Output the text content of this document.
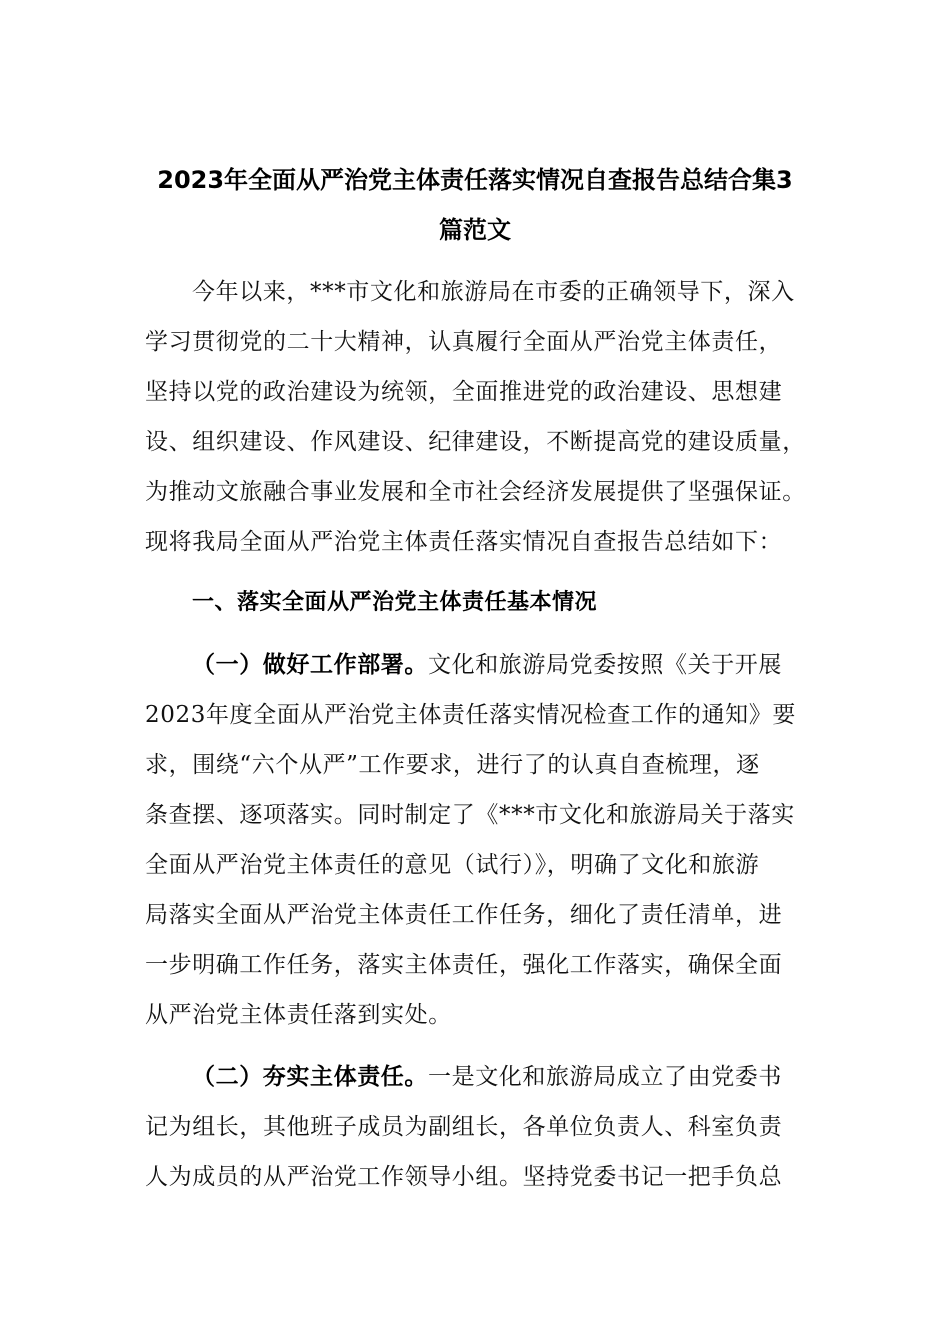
2023年全面从严治党主体责任落实情况自查报告总结合集3
篇范文
今年以来，***市文化和旅游局在市委的正确领导下，深入
学习贯彻党的二十大精神，认真履行全面从严治党主体责任，
坚持以党的政治建设为统领，全面推进党的政治建设、思想建
设、组织建设、作风建设、纪律建设，不断提高党的建设质量，
为推动文旅融合事业发展和全市社会经济发展提供了坚强保证。
现将我局全面从严治党主体责任落实情况自查报告总结如下：
一、落实全面从严治党主体责任基本情况
（一）做好工作部署。文化和旅游局党委按照《关于开展
2023年度全面从严治党主体责任落实情况检查工作的通知》要
求，围绕“六个从严”工作要求，进行了的认真自查梳理，逐
条查摆、逐项落实。同时制定了《***市文化和旅游局关于落实
全面从严治党主体责任的意见（试行）》，明确了文化和旅游
局落实全面从严治党主体责任工作任务，细化了责任清单，进
一步明确工作任务，落实主体责任，强化工作落实，确保全面
从严治党主体责任落到实处。
（二）夯实主体责任。一是文化和旅游局成立了由党委书
记为组长，其他班子成员为副组长，各单位负责人、科室负责
人为成员的从严治党工作领导小组。坚持党委书记一把手负总
